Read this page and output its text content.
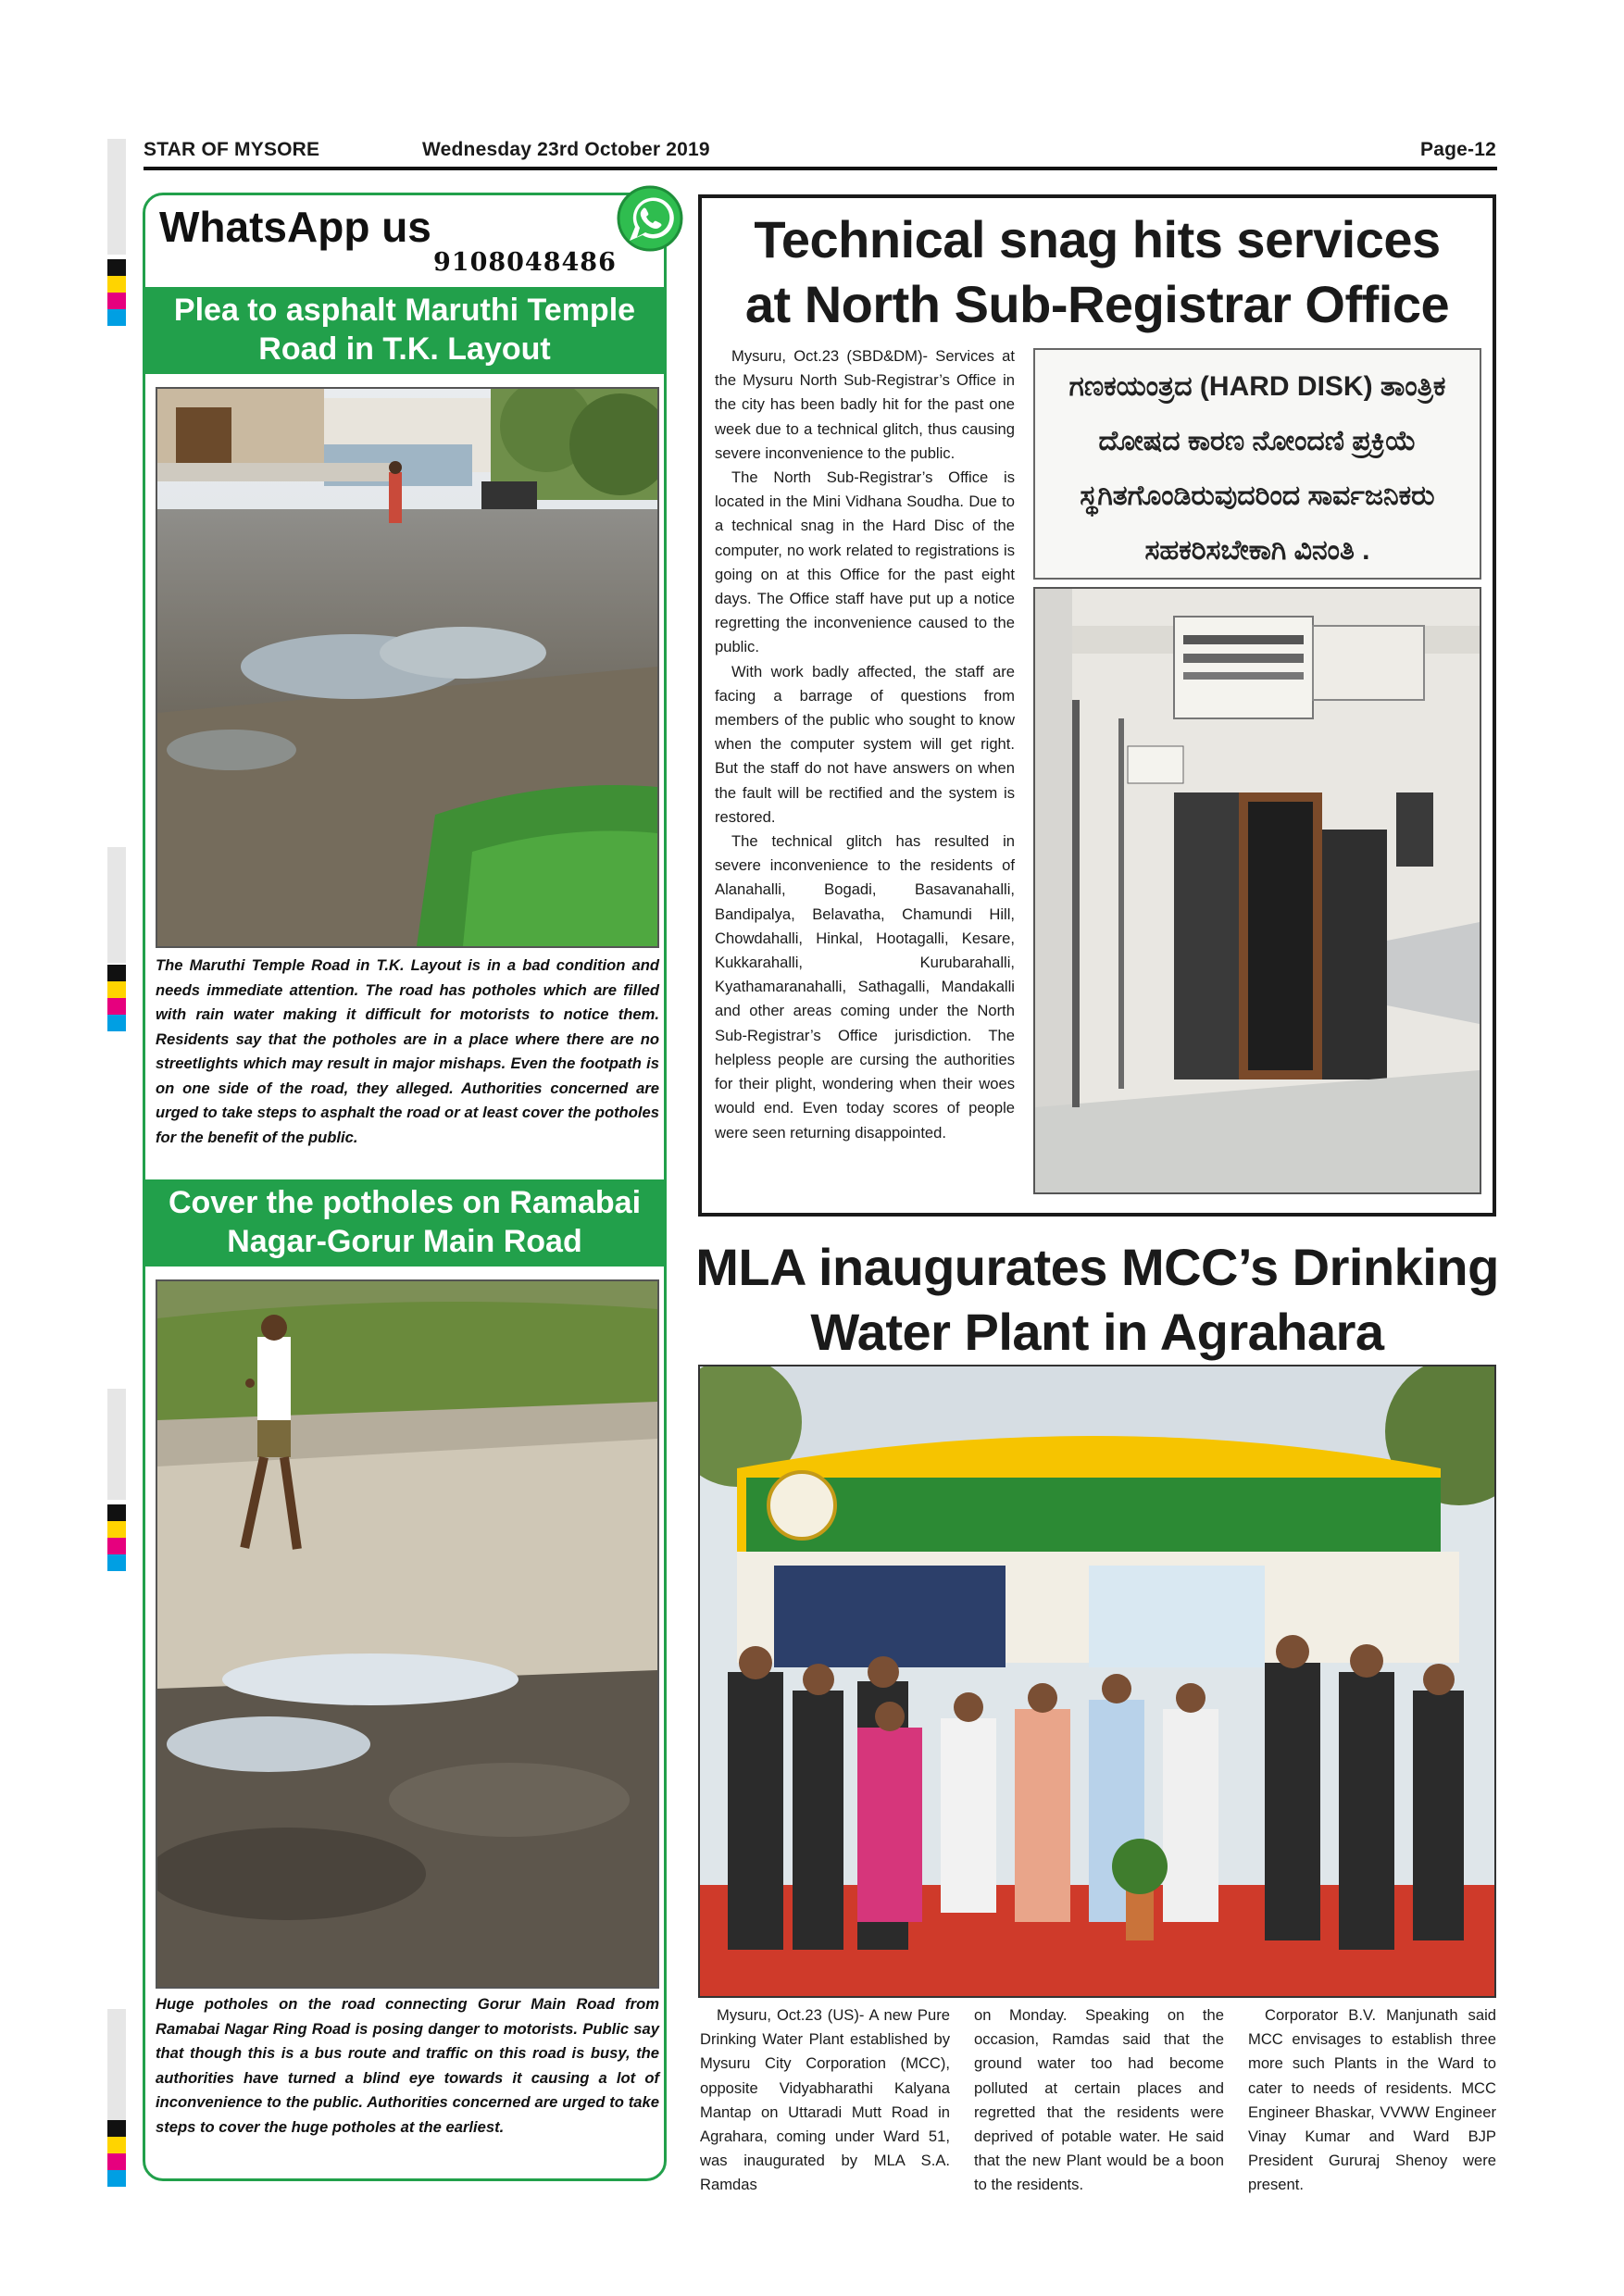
STAR OF MYSORE	Wednesday 23rd October 2019	Page-12
WhatsApp us
9108048486
Plea to asphalt Maruthi Temple
Road in T.K. Layout
The Maruthi Temple Road in T.K. Layout is in a bad condition and needs immediate attention. The road has potholes which are filled with rain water making it difficult for motorists to notice them. Residents say that the potholes are in a place where there are no streetlights which may result in major mishaps. Even the footpath is on one side of the road, they alleged. Authorities concerned are urged to take steps to asphalt the road or at least cover the potholes for the benefit of the public.
Cover the potholes on Ramabai
Nagar-Gorur Main Road
Huge potholes on the road connecting Gorur Main Road from Ramabai Nagar Ring Road is posing danger to motorists. Public say that though this is a bus route and traffic on this road is busy, the authorities have turned a blind eye towards it causing a lot of inconvenience to the public. Authorities concerned are urged to take steps to cover the huge potholes at the earliest.
Technical snag hits services
at North Sub-Registrar Office

Mysuru, Oct.23 (SBD&DM)- Services at the Mysuru North Sub-Registrar’s Office in the city has been badly hit for the past one week due to a technical glitch, thus causing severe inconvenience to the public.

The North Sub-Registrar’s Office is located in the Mini Vidhana Soudha. Due to a technical snag in the Hard Disc of the computer, no work related to registrations is going on at this Office for the past eight days. The Office staff have put up a notice regretting the inconvenience caused to the public.

With work badly affected, the staff are facing a barrage of questions from members of the public who sought to know when the computer system will get right. But the staff do not have answers on when the fault will be rectified and the system is restored.

The technical glitch has resulted in severe inconvenience to the residents of Alanahalli, Bogadi, Basavanahalli, Bandipalya, Belavatha, Chamundi Hill, Chowdahalli, Hinkal, Hootagalli, Kesare, Kukkarahalli, Kurubarahalli, Kyathamaranahalli, Sathagalli, Mandakalli and other areas coming under the North Sub-Registrar’s Office jurisdiction. The helpless people are cursing the authorities for their plight, wondering when their woes would end. Even today scores of people were seen returning disappointed.

ಗಣಕಯಂತ್ರದ (HARD DISK) ತಾಂತ್ರಿಕ
ದೋಷದ ಕಾರಣ ನೋಂದಣಿ ಪ್ರಕ್ರಿಯೆ
ಸ್ಥಗಿತಗೊಂಡಿರುವುದರಿಂದ ಸಾರ್ವಜನಿಕರು
ಸಹಕರಿಸಬೇಕಾಗಿ ವಿನಂತಿ .
MLA inaugurates MCC’s Drinking
Water Plant in Agrahara

Mysuru, Oct.23 (US)- A new Pure Drinking Water Plant established by Mysuru City Corporation (MCC), opposite Vidyabharathi Kalyana Mantap on Uttaradi Mutt Road in Agrahara, coming under Ward 51, was inaugurated by MLA S.A. Ramdas

on Monday. Speaking on the occasion, Ramdas said that the ground water too had become polluted at certain places and regretted that the residents were deprived of potable water. He said that the new Plant would be a boon to the residents.

Corporator B.V. Manjunath said MCC envisages to establish three more such Plants in the Ward to cater to needs of residents. MCC Engineer Bhaskar, VVWW Engineer Vinay Kumar and Ward BJP President Gururaj Shenoy were present.
